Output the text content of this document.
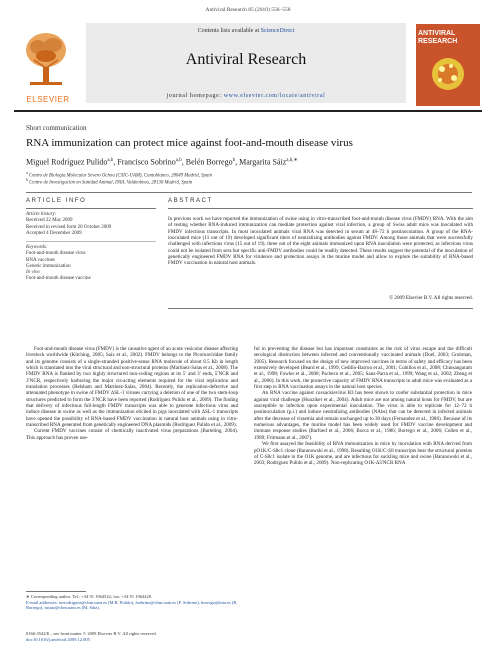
Antiviral Research 85 (2010) 556–558
ELSEVIER
Contents lists available at ScienceDirect
Antiviral Research
journal homepage: www.elsevier.com/locate/antiviral
ANTIVIRAL RESEARCH
Short communication
RNA immunization can protect mice against foot-and-mouth disease virus
Miguel Rodríguez Pulido$^{a,b}$, Francisco Sobrino$^{a,b}$, Belén Borrego$^b$, Margarita Sáiz$^{a,b,∗}$
$^a$ Centro de Biología Molecular Severo Ochoa (CSIC-UAM), Cantoblanco, 28049 Madrid, Spain
$^b$ Centro de Investigación en Sanidad Animal, INIA, Valdeolmos, 28130 Madrid, Spain
ARTICLE INFO	ABSTRACT
Article history:
Received 22 May 2009
Received in revised form 20 October 2009
Accepted 4 December 2009
Keywords:
Foot-and-mouth disease virus
RNA vaccines
Genetic immunization
In vivo
Foot-and-mouth disease vaccine
In previous work we have reported the immunization of swine using in vitro-transcribed foot-and-mouth disease virus (FMDV) RNA. With the aim of testing whether RNA-induced immunization can mediate protection against viral infection, a group of Swiss adult mice was inoculated with FMDV infectious transcripts. In most inoculated animals viral RNA was detected in serum at 48–72 h postinoculation. A group of the RNA-inoculated mice (11 out of 19) developed significant titers of neutralizing antibodies against FMDV. Among those animals that were successfully challenged with infectious virus (15 out of 19), three out of the eight animals immunized upon RNA inoculation were protected, as infectious virus could not be isolated from sera but specific anti-FMDV antibodies could be readily detected. These results suggest the potential of the inoculation of genetically engineered FMDV RNA for virulence and protection assays in the murine model and allow to explore the suitability of RNA-based FMDV vaccination in natural host animals.
© 2009 Elsevier B.V. All rights reserved.

Foot-and-mouth disease virus (FMDV) is the causative agent of an acute vesicular disease affecting livestock worldwide (Kitching, 2005; Saiz et al., 2002). FMDV belongs to the Picornaviridae family and its genome consists of a single-stranded positive-sense RNA molecule of about 8.5 Kb in length which is translated into the viral structural and non-structural proteins (Martínez-Salas et al., 2008). The FMDV RNA is flanked by two highly structured non-coding regions at its 5′ and 3′ ends, 5′NCR and 3′NCR, respectively harboring the major cis-acting elements required for the viral replication and translation processes (Belsham and Martínez-Salas, 2004). Recently, the replication-defective and attenuated phenotype in swine of FMDV ΔSL-1 viruses carrying a deletion of one of the two stem-loop structures predicted to form the 3′NCR have been reported (Rodríguez Pulido et al., 2009). The finding that delivery of infectious full-length FMDV transcripts was able to generate infectious virus and induce disease in swine as well as the immunization elicited in pigs inoculated with ΔSL-1 transcripts have opened the possibility of RNA-based FMDV vaccination in natural host animals using in vitro-transcribed RNA generated from genetically engineered DNA plasmids (Rodríguez Pulido et al., 2009).

Current FMDV vaccines consist of chemically inactivated virus preparations (Barteling, 2004). This approach has proven use-

ful in preventing the disease but has important constraints as the risk of virus escape and the difficult serological distinction between infected and conventionally vaccinated animals (Doel, 2003; Grubman, 2005). Research focused on the design of new improved vaccines in terms of safety and efficacy has been extensively developed (Beard et al., 1999; Cedillo-Barron et al., 2001; Cubillos et al., 2008; Chinsangaram et al., 1998; Fowler et al., 2008; Pacheco et al., 2005; Sanz-Parra et al., 1999; Wang et al., 2002; Zheng et al., 2006). In this work, the protective capacity of FMDV RNA transcripts in adult mice was evaluated as a first step to RNA vaccination assays in the natural host species.

An RNA vaccine against coxsackievirus B3 has been shown to confer substantial protection in mice against viral challenge (Hunziker et al., 2004). Adult mice are not among natural hosts for FMDV, but are susceptible to infection upon experimental inoculation. The virus is able to replicate for 12–72 h postinoculation (p.i.) and induce neutralizing antibodies (NAbs) that can be detected in infected animals after the decrease of viraemia and remain unchanged up to 30 days (Fernandez et al., 1986). Because of its numerous advantages, the murine model has been widely used for FMDV vaccine development and immune response studies (Barfoed et al., 2006; Borca et al., 1986; Borrego et al., 2006; Collen et al., 1989; Fritmann et al., 2007).

We first assayed the feasibility of RNA immunization in mice by inoculation with RNA derived from pO1K/C-S8c1 clone (Baranowski et al., 1998). Resulting O1K/C-S8 transcripts bear the structural proteins of C-S8c1 isolate in the O1K genome, and are infectious for suckling mice and swine (Baranowski et al., 2003; Rodríguez Pulido et al., 2009). Non-replicating O1K-Δ3′NCR RNA

∗ Corresponding author. Tel.: +34 91 1964522; fax: +34 91 1964420.
E-mail addresses: mrrodriguez@cbm.uam.es (M.R. Pulido), fsobrino@cbm.uam.es (F. Sobrino), borrego@inia.es (B. Borrego), msaiz@cbm.uam.es (M. Sáiz).
0166-3542/$ – see front matter © 2009 Elsevier B.V. All rights reserved.
doi:10.1016/j.antiviral.2009.12.005
